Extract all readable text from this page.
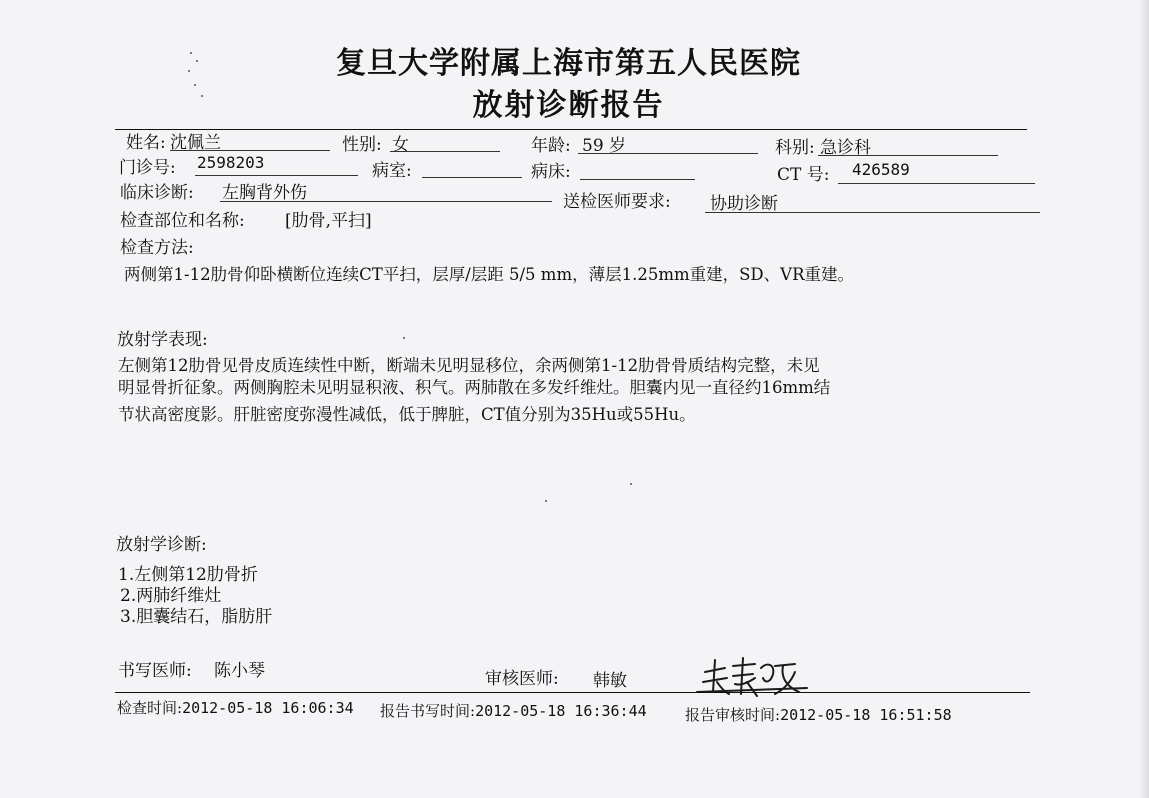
复旦大学附属上海市第五人民医院
放射诊断报告
姓名: 沈佩兰	性别: 女	年龄: 59 岁	科别: 急诊科
门诊号: 2598203	病室:	病床:	CT 号: 426589
临床诊断: 左胸背外伤	送检医师要求: 协助诊断
检查部位和名称: [肋骨,平扫]
检查方法:
两侧第1-12肋骨仰卧横断位连续CT平扫，层厚/层距 5/5 mm，薄层1.25mm重建，SD、VR重建。
放射学表现:
左侧第12肋骨见骨皮质连续性中断，断端未见明显移位，余两侧第1-12肋骨骨质结构完整，未见
明显骨折征象。两侧胸腔未见明显积液、积气。两肺散在多发纤维灶。胆囊内见一直径约16mm结
节状高密度影。肝脏密度弥漫性减低，低于脾脏，CT值分别为35Hu或55Hu。
放射学诊断:
1.左侧第12肋骨折
2.两肺纤维灶
3.胆囊结石，脂肪肝
书写医师: 陈小琴	审核医师: 韩敏
检查时间:2012-05-18 16:06:34 报告书写时间:2012-05-18 16:36:44	报告审核时间:2012-05-18 16:51:58
